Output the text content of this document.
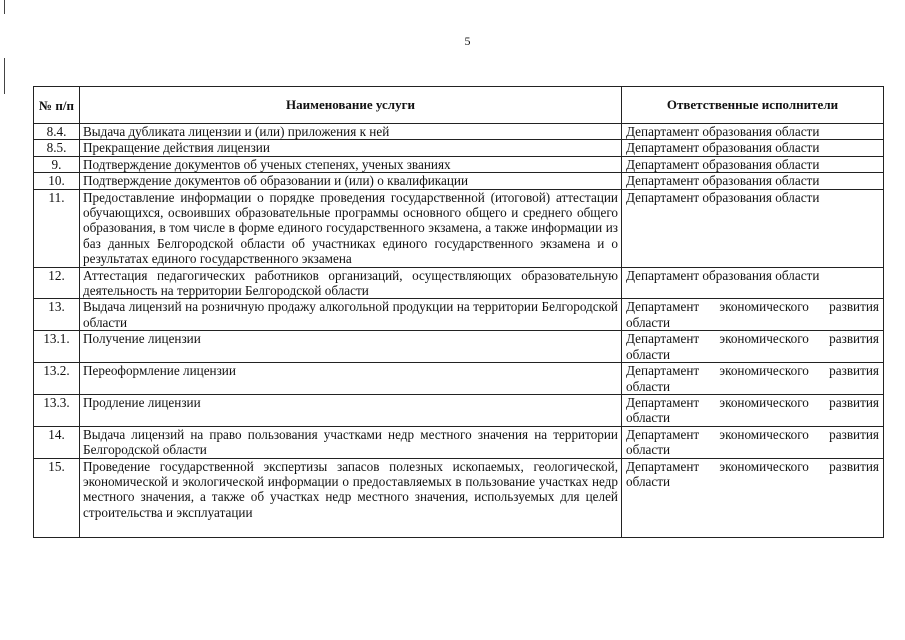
5
№ п/п	Наименование услуги	Ответственные исполнители
8.4.	Выдача дубликата лицензии и (или) приложения к ней	Департамент образования области
8.5.	Прекращение действия лицензии	Департамент образования области
9.	Подтверждение документов об ученых степенях, ученых званиях	Департамент образования области
10.	Подтверждение документов об образовании и (или) о квалификации	Департамент образования области
11.	Предоставление информации о порядке проведения государственной (итоговой) аттестации обучающихся, освоивших образовательные программы основного общего и среднего общего образования, в том числе в форме единого государственного экзамена, а также информации из баз данных Белгородской области об участниках единого государственного экзамена и о результатах единого государственного экзамена	Департамент образования области
12.	Аттестация педагогических работников организаций, осуществляющих образовательную деятельность на территории Белгородской области	Департамент образования области
13.	Выдача лицензий на розничную продажу алкогольной продукции на территории Белгородской области	Департамент экономического развития области
13.1.	Получение лицензии	Департамент экономического развития области
13.2.	Переоформление лицензии	Департамент экономического развития области
13.3.	Продление лицензии	Департамент экономического развития области
14.	Выдача лицензий на право пользования участками недр местного значения на территории Белгородской области	Департамент экономического развития области
15.	Проведение государственной экспертизы запасов полезных ископаемых, геологической, экономической и экологической информации о предоставляемых в пользование участках недр местного значения, а также об участках недр местного значения, используемых для целей строительства и эксплуатации	Департамент экономического развития области
